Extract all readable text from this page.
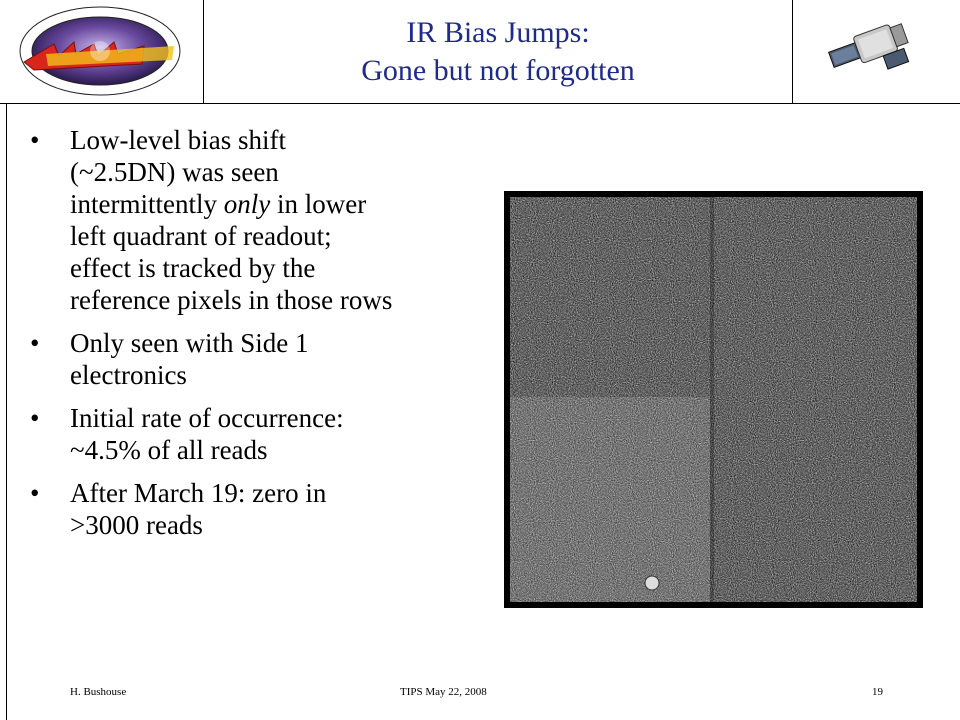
IR Bias Jumps:
Gone but not forgotten
• Low-level bias shift
(~2.5DN) was seen
intermittently only in lower
left quadrant of readout;
effect is tracked by the
reference pixels in those rows
• Only seen with Side 1
electronics
• Initial rate of occurrence:
~4.5% of all reads
• After March 19: zero in
>3000 reads
H. Bushouse	TIPS May 22, 2008	19
